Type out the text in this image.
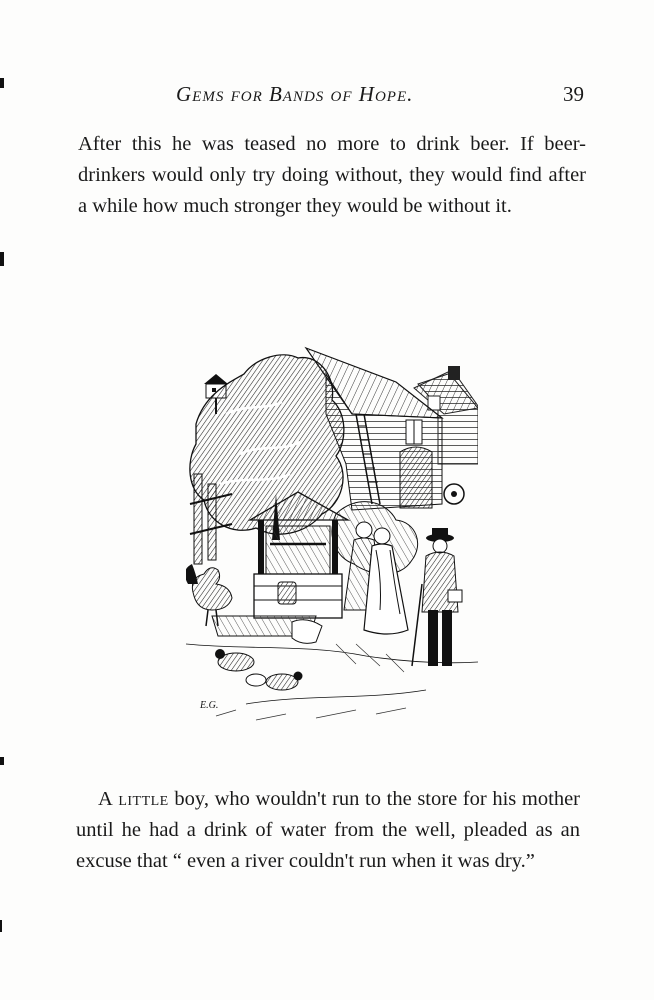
Gems for Bands of Hope.	39

After this he was teased no more to drink beer. If beer-drinkers would only try doing without, they would find after a while how much stronger they would be without it.

E.G.

A little boy, who wouldn't run to the store for his mother until he had a drink of water from the well, pleaded as an excuse that “ even a river couldn't run when it was dry.”
